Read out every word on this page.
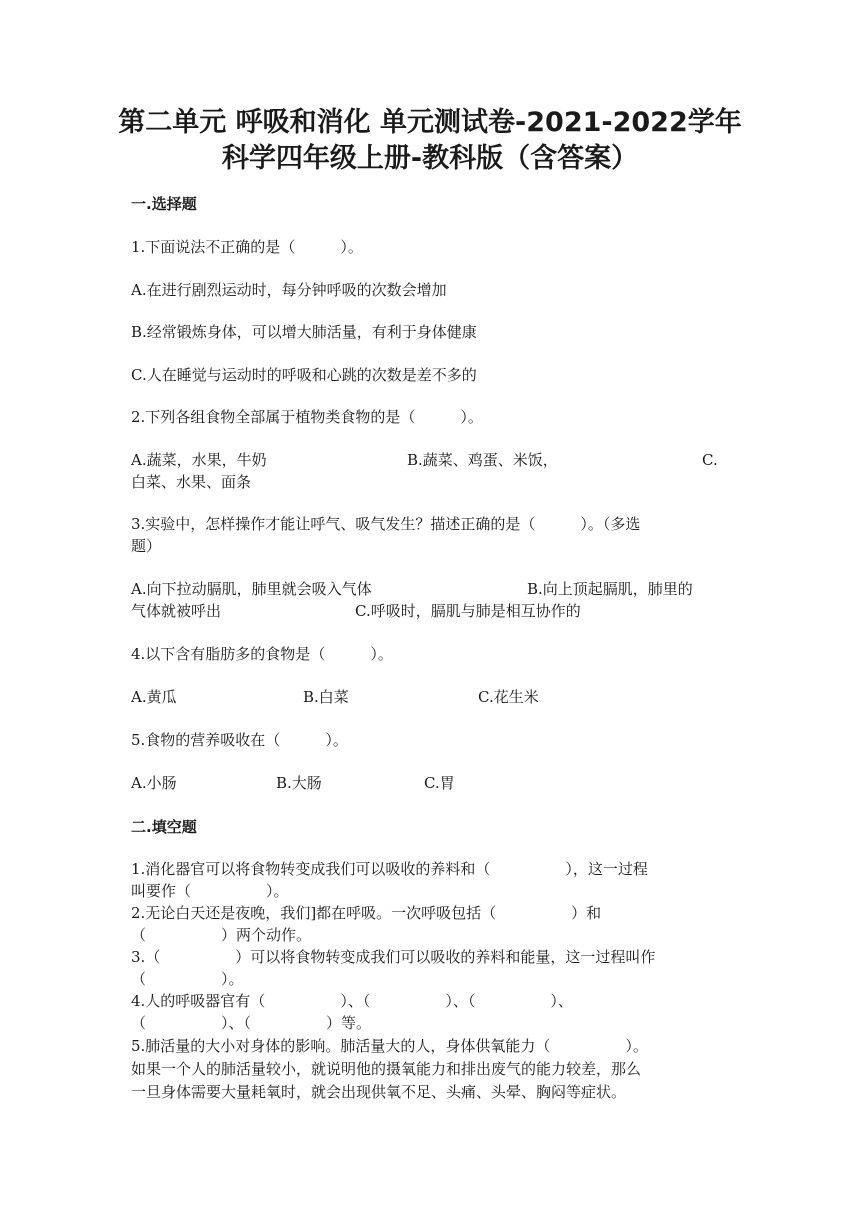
第二单元 呼吸和消化 单元测试卷-2021-2022学年
科学四年级上册-教科版（含答案）
一.选择题
1.下面说法不正确的是（　　　）。
A.在进行剧烈运动时，每分钟呼吸的次数会增加
B.经常锻炼身体，可以增大肺活量，有利于身体健康
C.人在睡觉与运动时的呼吸和心跳的次数是差不多的
2.下列各组食物全部属于植物类食物的是（　　　）。
A.蔬菜，水果，牛奶	B.蔬菜、鸡蛋、米饭，	C.
白菜、水果、面条
3.实验中，怎样操作才能让呼气、吸气发生？描述正确的是（　　　）。（多选
题）
A.向下拉动膈肌，肺里就会吸入气体	B.向上顶起膈肌，肺里的
气体就被呼出	C.呼吸时，膈肌与肺是相互协作的
4.以下含有脂肪多的食物是（　　　）。
A.黄瓜	B.白菜	C.花生米
5.食物的营养吸收在（　　　）。
A.小肠	B.大肠	C.胃
二.填空题
1.消化器官可以将食物转变成我们可以吸收的养料和（　　　　　），这一过程
叫要作（　　　　　）。
2.无论白天还是夜晚，我们]都在呼吸。一次呼吸包括（　　　　　）和
（　　　　　）两个动作。
3.（　　　　　）可以将食物转变成我们可以吸收的养料和能量，这一过程叫作
（　　　　　）。
4.人的呼吸器官有（　　　　　）、（　　　　　）、（　　　　　）、
（　　　　　）、（　　　　　）等。
5.肺活量的大小对身体的影响。肺活量大的人，身体供氧能力（　　　　　）。
如果一个人的肺活量较小，就说明他的摄氧能力和排出废气的能力较差，那么
一旦身体需要大量耗氧时，就会出现供氧不足、头痛、头晕、胸闷等症状。
